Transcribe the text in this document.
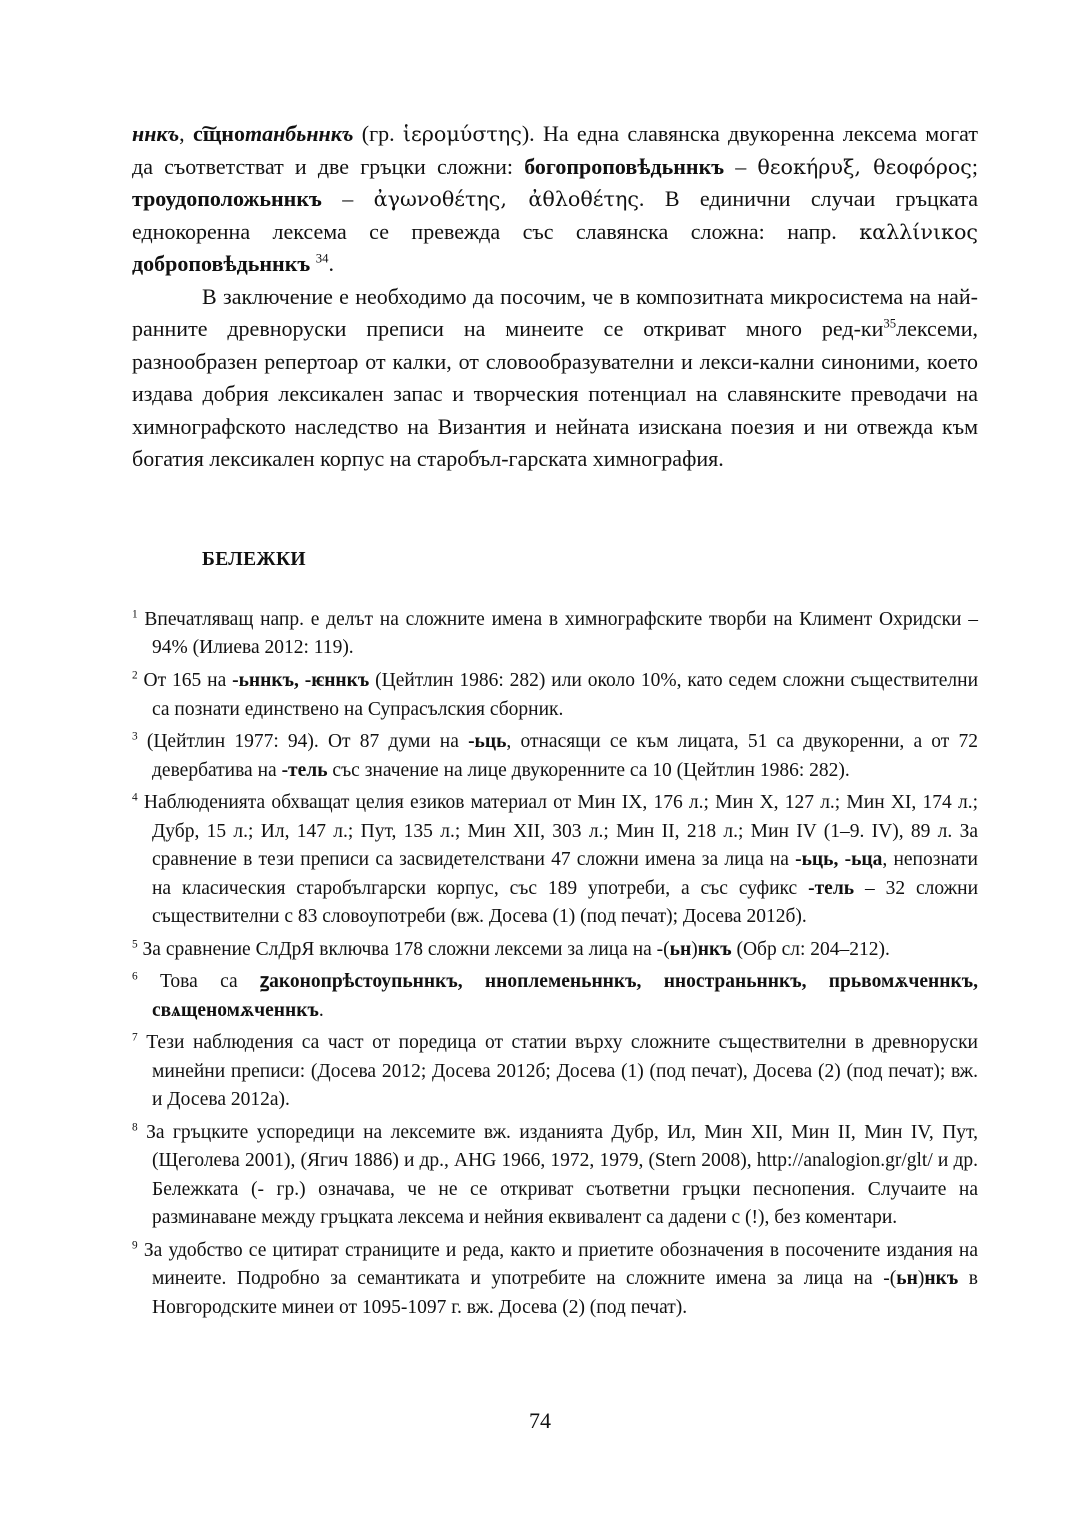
ннкъ, с͠щнотанбьннкъ (гр. ἱερομύστης). На една славянска двукоренна лексема могат да съответстват и две гръцки сложни: богопроповѣдьннкъ – θεοκήρυξ, θεοφόρος; троудоположьннкъ – ἀγωνοθέτης, ἀθλοθέτης. В единични случаи гръцката еднокоренна лексема се превежда със славянска сложна: напр. καλλίνικος доброповѣдьннкъ $^{34}$.

В заключение е необходимо да посочим, че в композитната микросистема на най-ранните древноруски преписи на минеите се откриват много ред-$ки^{35}лексеми$, разнообразен репертоар от калки, от словообразувателни и лекси-кални синоними, което издава добрия лексикален запас и творческия потенциал на славянските преводачи на химнографското наследство на Византия и нейната изискана поезия и ни отвежда към богатия лексикален корпус на старобъл-гарската химнография.

БЕЛЕЖКИ

$^1$ Впечатляващ напр. е делът на сложните имена в химнографските творби на Климент Охридски – 94% (Илиева 2012: 119).

$^2$ От 165 на -ьннкъ, -ѥннкъ (Цейтлин 1986: 282) или около 10%, като седем сложни съществителни са познати единствено на Супрасълския сборник.

$^3$ (Цейтлин 1977: 94). От 87 думи на -ьць, отнасящи се към лицата, 51 са двукоренни, а от 72 девербатива на -тель със значение на лице двукоренните са 10 (Цейтлин 1986: 282).

$^4$ Наблюденията обхващат целия езиков материал от Мин IX, 176 л.; Мин X, 127 л.; Мин XI, 174 л.; Дубр, 15 л.; Ил, 147 л.; Пут, 135 л.; Мин XII, 303 л.; Мин II, 218 л.; Мин IV (1–9. IV), 89 л. За сравнение в тези преписи са засвидетелствани 47 сложни имена за лица на -ьць, -ьца, непознати на класическия старобългарски корпус, със 189 употреби, а със суфикс -тель – 32 сложни съществителни с 83 словоупотреби (вж. Досева (1) (под печат); Досева 2012б).

$^5$ За сравнение СлДрЯ включва 178 сложни лексеми за лица на -(ьн)нкъ (Обр сл: 204–212).

$^6$ Това са ꙁаконопрѣстоупьннкъ, ннoплеменьннкъ, ннoстраньннкъ, прьвомѫченнкъ, свѧщеномѫченнкъ.

$^7$ Тези наблюдения са част от поредица от статии върху сложните съществителни в древноруски минейни преписи: (Досева 2012; Досева 2012б; Досева (1) (под печат), Досева (2) (под печат); вж. и Досева 2012а).

$^8$ За гръцките успоредици на лексемите вж. изданията Дубр, Ил, Мин XII, Мин II, Мин IV, Пут, (Щеголева 2001), (Ягич 1886) и др., AHG 1966, 1972, 1979, (Stern 2008), http://analogion.gr/glt/ и др. Бележката (- гр.) означава, че не се откриват съответни гръцки песнопения. Случаите на разминаване между гръцката лексема и нейния еквивалент са дадени с (!), без коментари.

$^9$ За удобство се цитират страниците и реда, както и приетите обозначения в посочените издания на минеите. Подробно за семантиката и употребите на сложните имена за лица на -(ьн)нкъ в Новгородските минеи от 1095-1097 г. вж. Досева (2) (под печат).

74
